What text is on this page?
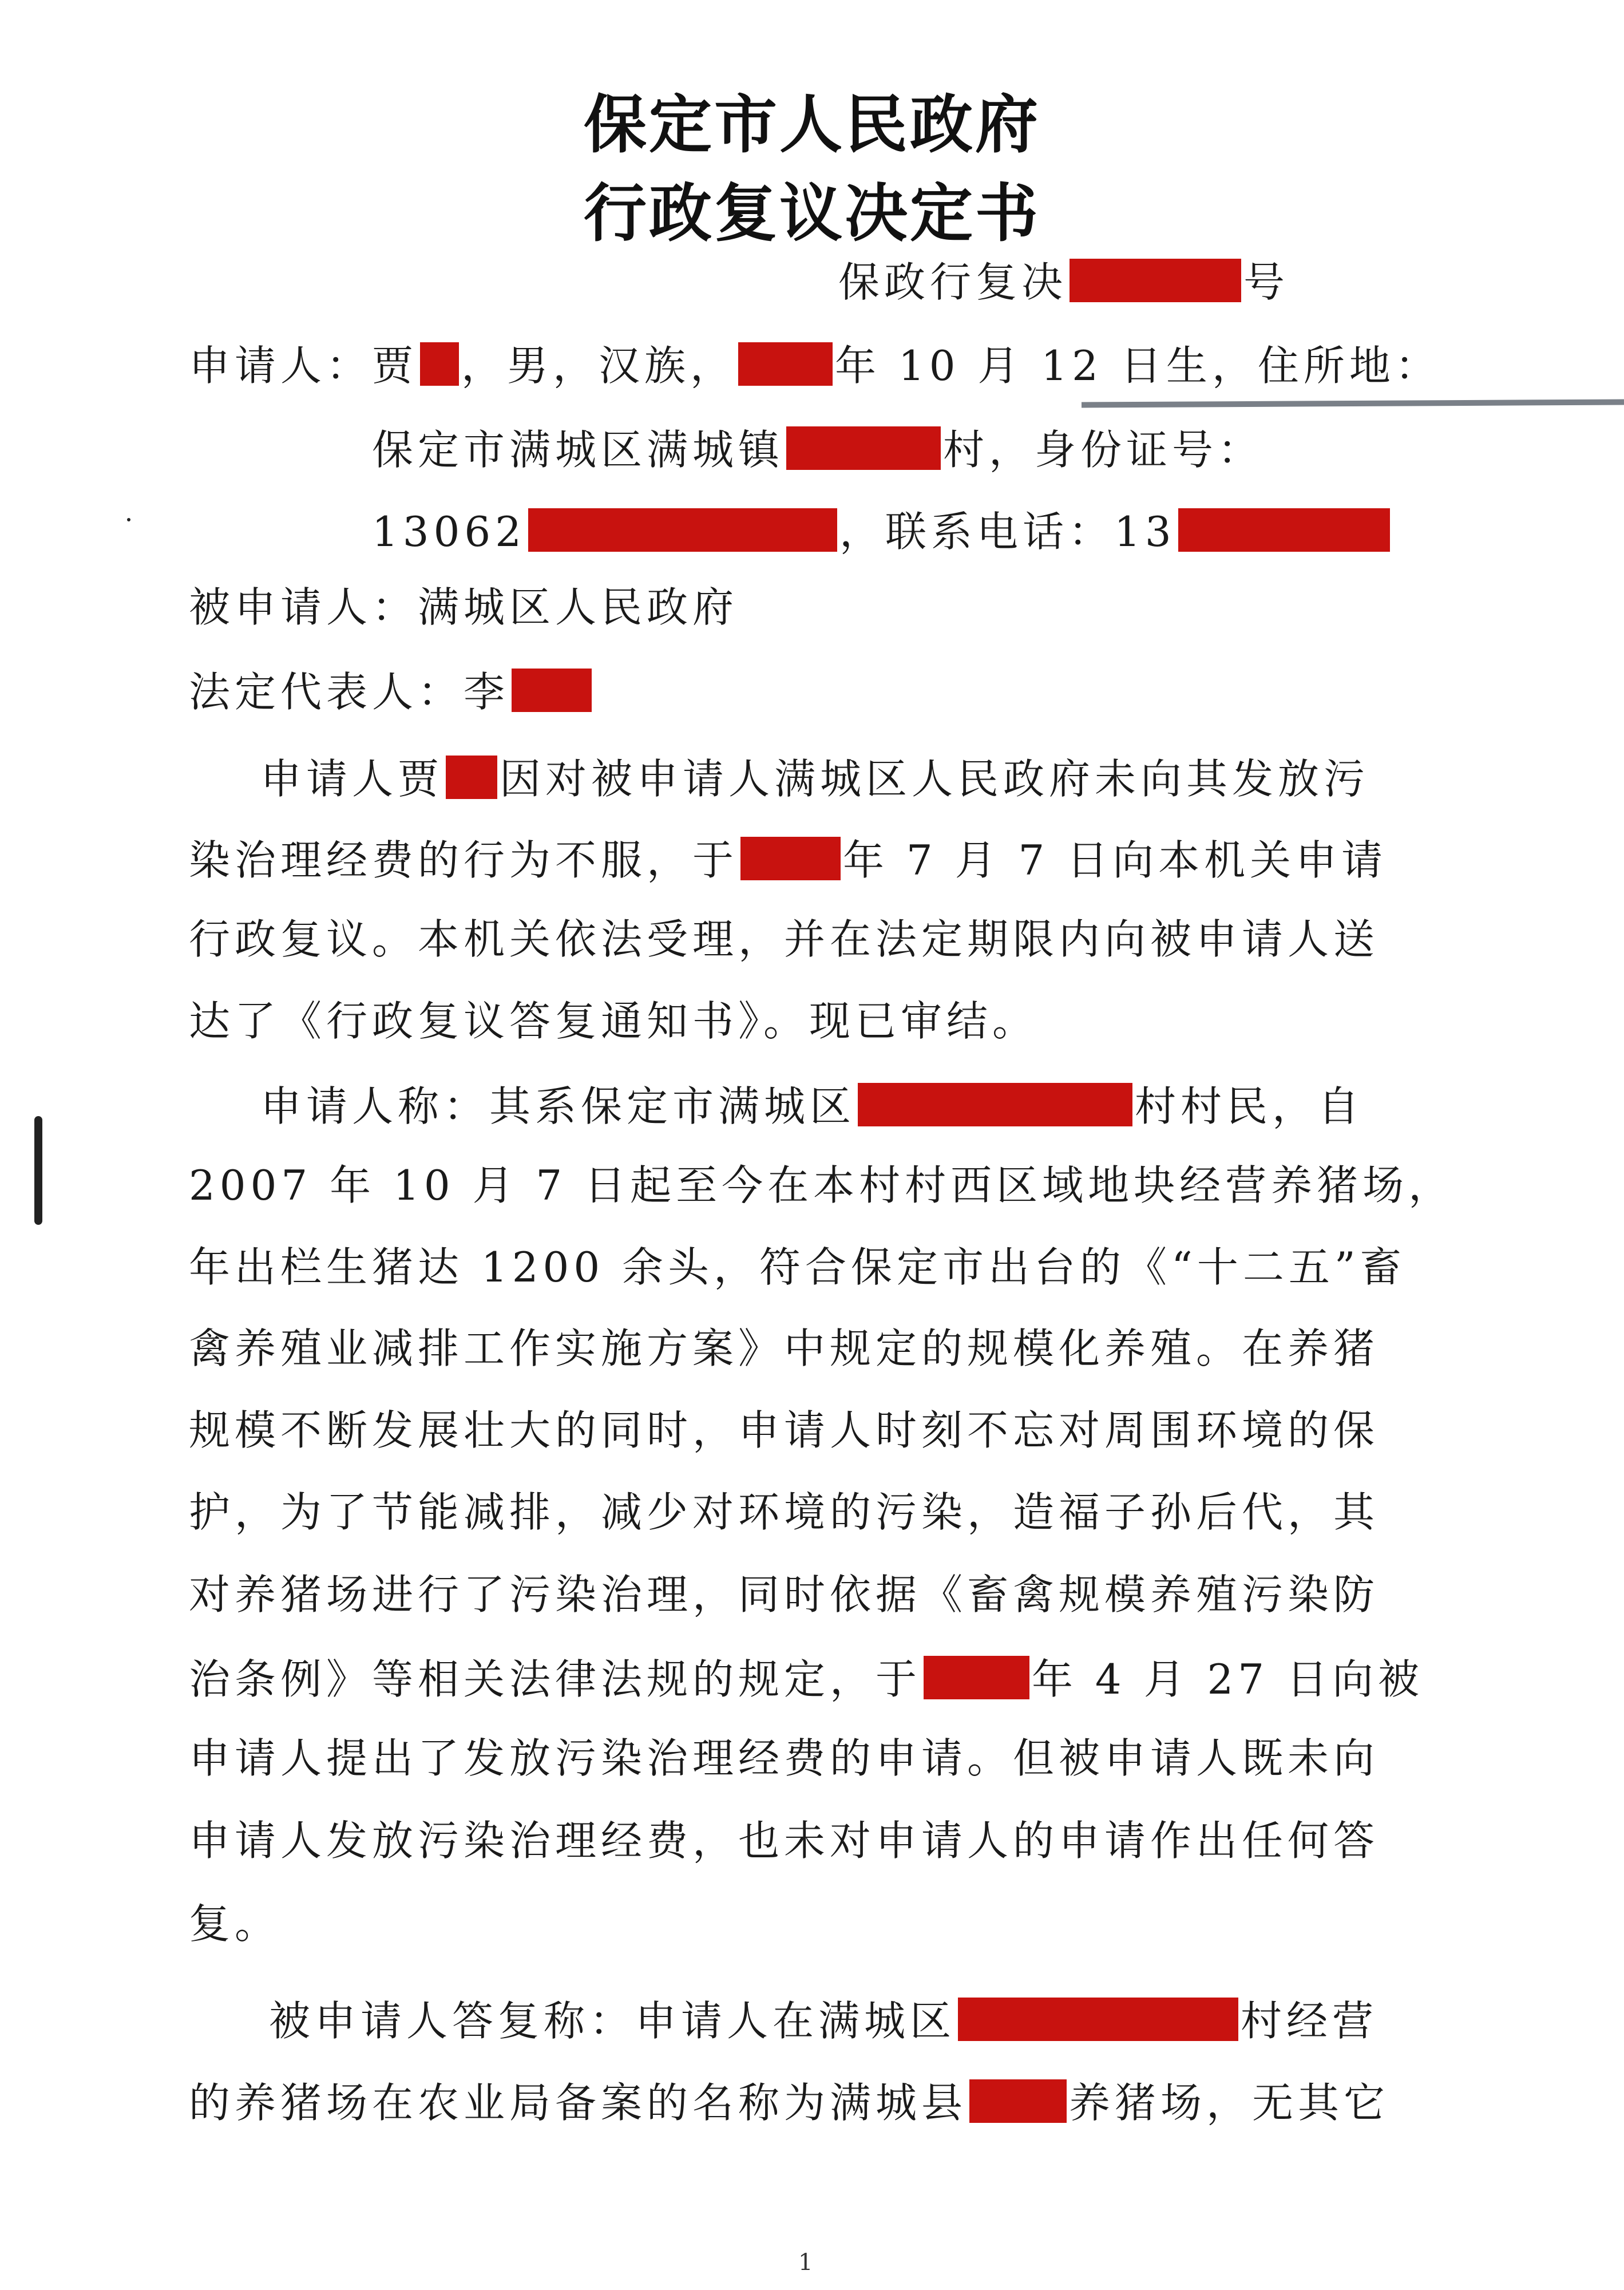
保定市人民政府
行政复议决定书
保政行复决	号
申请人：贾 ，男，汉族， 年 10 月 12 日生，住所地：
保定市满城区满城镇	村，身份证号：
13062	，联系电话：13
被申请人：满城区人民政府
法定代表人：李
申请人贾 因对被申请人满城区人民政府未向其发放污
染治理经费的行为不服，于	年 7 月 7 日向本机关申请
行政复议。本机关依法受理，并在法定期限内向被申请人送
达了《行政复议答复通知书》。现已审结。
申请人称：其系保定市满城区	村村民，自
2007 年 10 月 7 日起至今在本村村西区域地块经营养猪场，
年出栏生猪达 1200 余头，符合保定市出台的《“十二五”畜
禽养殖业减排工作实施方案》中规定的规模化养殖。在养猪
规模不断发展壮大的同时，申请人时刻不忘对周围环境的保
护，为了节能减排，减少对环境的污染，造福子孙后代，其
对养猪场进行了污染治理，同时依据《畜禽规模养殖污染防
治条例》等相关法律法规的规定，于	年 4 月 27 日向被
申请人提出了发放污染治理经费的申请。但被申请人既未向
申请人发放污染治理经费，也未对申请人的申请作出任何答
复。
被申请人答复称：申请人在满城区	村经营
的养猪场在农业局备案的名称为满城县 养猪场，无其它
1
